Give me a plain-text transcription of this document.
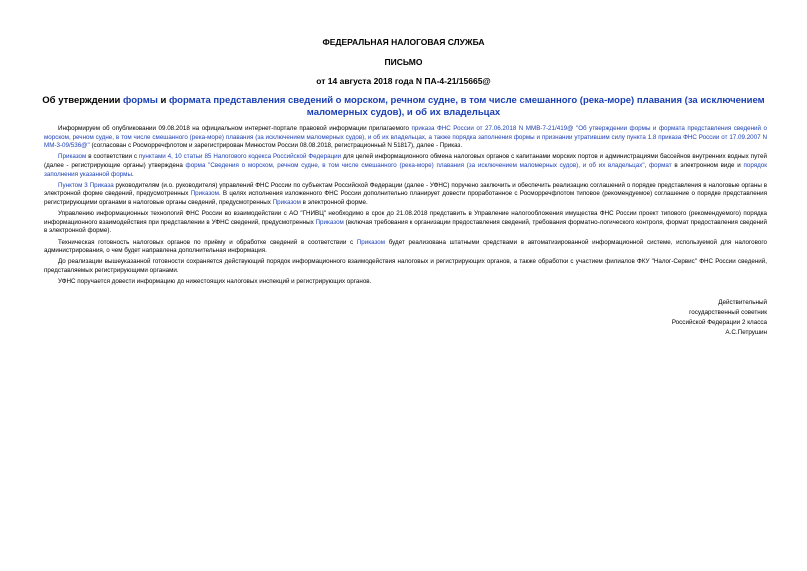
ФЕДЕРАЛЬНАЯ НАЛОГОВАЯ СЛУЖБА
ПИСЬМО
от 14 августа 2018 года N ПА-4-21/15665@
Об утверждении формы и формата представления сведений о морском, речном судне, в том числе смешанного (река-море) плавания (за исключением маломерных судов), и об их владельцах

Информируем об опубликовании 09.08.2018 на официальном интернет-портале правовой информации прилагаемого приказа ФНС России от 27.06.2018 N ММВ-7-21/419@ "Об утверждении формы и формата представления сведений о морском, речном судне, в том числе смешанного (река-море) плавания (за исключением маломерных судов), и об их владельцах, а также порядка заполнения формы и признании утратившим силу пункта 1.8 приказа ФНС России от 17.09.2007 N ММ-3-09/536@" (согласован с Росморречфлотом и зарегистрирован Минюстом России 08.08.2018, регистрационный N 51817), далее - Приказ.

Приказом в соответствии с пунктами 4, 10 статьи 85 Налогового кодекса Российской Федерации для целей информационного обмена налоговых органов с капитанами морских портов и администрациями бассейнов внутренних водных путей (далее - регистрирующие органы) утверждена форма "Сведения о морском, речном судне, в том числе смешанного (река-море) плавания (за исключением маломерных судов), и об их владельцах", формат в электронном виде и порядок заполнения указанной формы.

Пунктом 3 Приказа руководителям (и.о. руководителя) управлений ФНС России по субъектам Российской Федерации (далее - УФНС) поручено заключить и обеспечить реализацию соглашений о порядке представления в налоговые органы в электронной форме сведений, предусмотренных Приказом. В целях исполнения изложенного ФНС России дополнительно планирует довести проработанное с Росморречфлотом типовое (рекомендуемое) соглашение о порядке представления регистрирующими органами в налоговые органы сведений, предусмотренных Приказом в электронной форме.

Управлению информационных технологий ФНС России во взаимодействии с АО "ГНИВЦ" необходимо в срок до 21.08.2018 представить в Управление налогообложения имущества ФНС России проект типового (рекомендуемого) порядка информационного взаимодействия при представлении в УФНС сведений, предусмотренных Приказом (включая требования к организации предоставления сведений, требования форматно-логического контроля, формат предоставления сведений в электронной форме).

Техническая готовность налоговых органов по приёму и обработке сведений в соответствии с Приказом будет реализована штатными средствами в автоматизированной информационной системе, используемой для налогового администрирования, о чем будет направлена дополнительная информация.

До реализации вышеуказанной готовности сохраняется действующий порядок информационного взаимодействия налоговых и регистрирующих органов, а также обработки с участием филиалов ФКУ "Налог-Сервис" ФНС России сведений, представляемых регистрирующими органами.

УФНС поручается довести информацию до нижестоящих налоговых инспекций и регистрирующих органов.

Действительный
государственный советник
Российской Федерации 2 класса
А.С.Петрушин
